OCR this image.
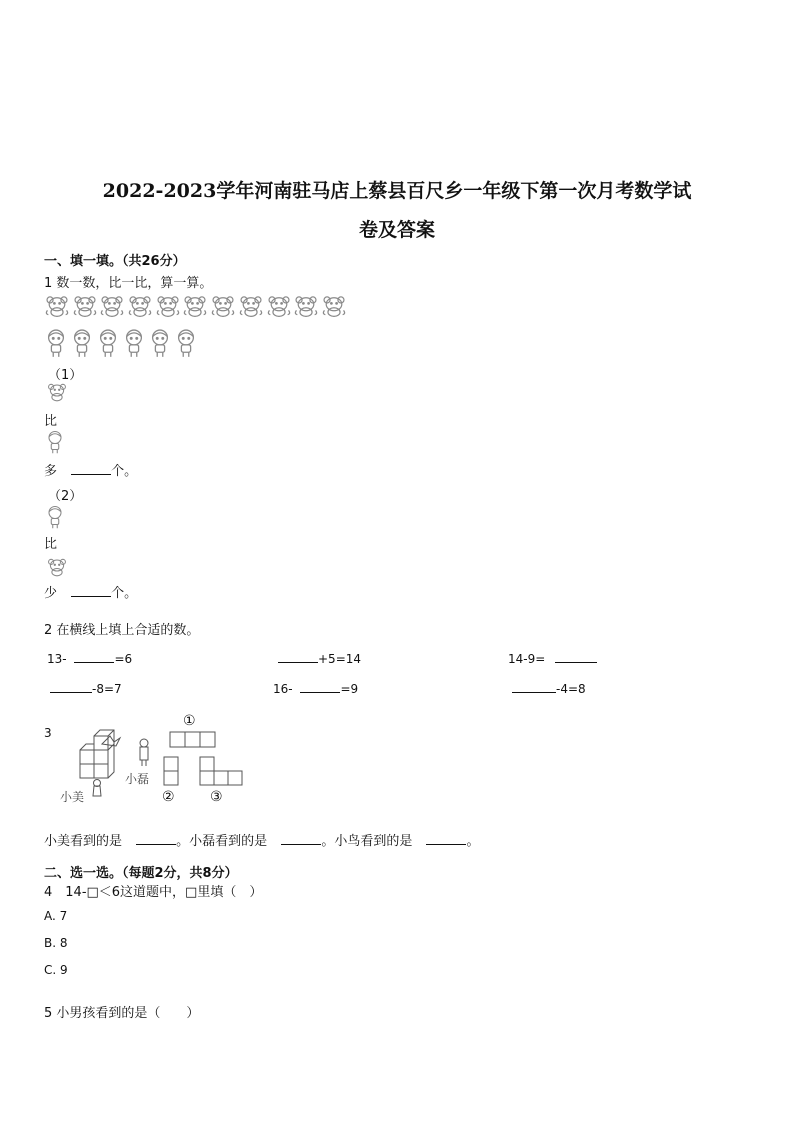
2022-2023学年河南驻马店上蔡县百尺乡一年级下第一次月考数学试
卷及答案
一、填一填。（共26分）
1 数一数，比一比，算一算。
（1）
比
多	个。
（2）
比
少	个。
2 在横线上填上合适的数。
13-	=6	+5=14	14-9=
-8=7	16-	=9	-4=8
3
①
②	③
小美
小磊
小美看到的是	。小磊看到的是	。小鸟看到的是	。
二、选一选。（每题2分，共8分）
4　14-□＜6这道题中，□里填（　）
A. 7
B. 8
C. 9
5 小男孩看到的是（　　）
